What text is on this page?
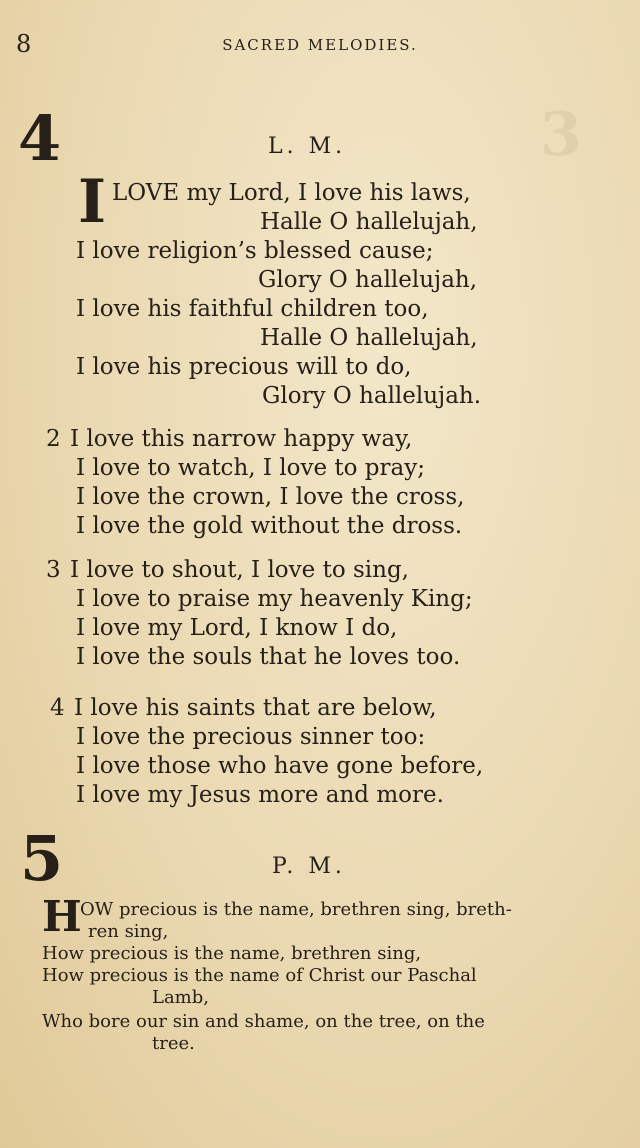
3
8	SACRED MELODIES.
4	L. M.
I LOVE my Lord, I love his laws,
Halle O hallelujah,
I love religion’s blessed cause;
Glory O hallelujah,
I love his faithful children too,
Halle O hallelujah,
I love his precious will to do,
Glory O hallelujah.
2 I love this narrow happy way,
I love to watch, I love to pray;
I love the crown, I love the cross,
I love the gold without the dross.
3 I love to shout, I love to sing,
I love to praise my heavenly King;
I love my Lord, I know I do,
I love the souls that he loves too.
4 I love his saints that are below,
I love the precious sinner too:
I love those who have gone before,
I love my Jesus more and more.
5	P. M.
H
OW precious is the name, brethren sing, breth-
ren sing,
How precious is the name, brethren sing,
How precious is the name of Christ our Paschal
Lamb,
Who bore our sin and shame, on the tree, on the
tree.
